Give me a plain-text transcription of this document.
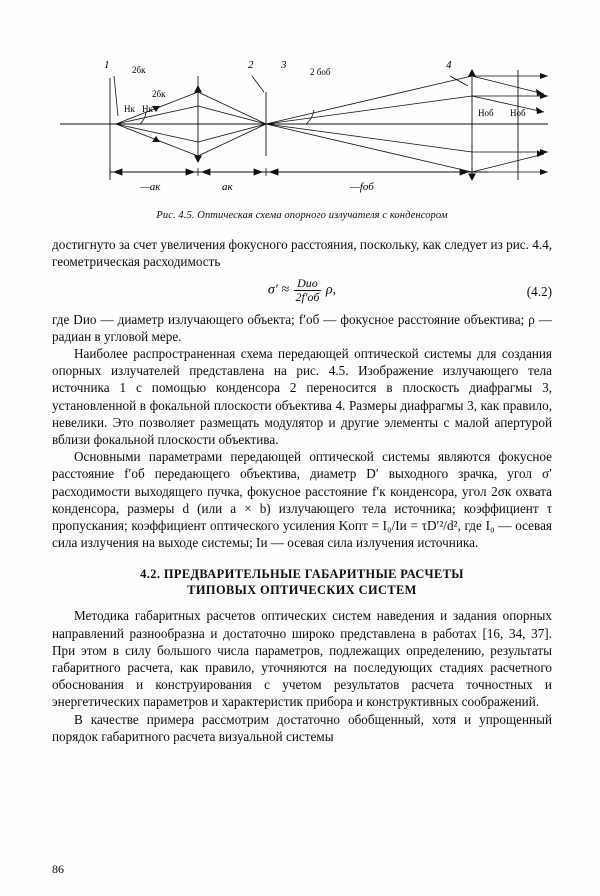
1	2	3	4
2бк
2бк
2 боб
Hк Hк	Hоб Hоб
—aк	aк	—fоб
Рис. 4.5. Оптическая схема опорного излучателя с конденсором

достигнуто за счет увеличения фокусного расстояния, поскольку, как следует из рис. 4.4, геометрическая расходимость

$\sigma' \approx \frac{\text{Dио}}{2f'об} \rho$,	(4.2)

где Dио — диаметр излучающего объекта; f′об — фокусное расстояние объектива; ρ — радиан в угловой мере.

Наиболее распространенная схема передающей оптической системы для создания опорных излучателей представлена на рис. 4.5. Изображение излучающего тела источника 1 с помощью конденсора 2 переносится в плоскость диафрагмы 3, установленной в фокальной плоскости объектива 4. Размеры диафрагмы 3, как правило, невелики. Это позволяет размещать модулятор и другие элементы с малой апертурой вблизи фокальной плоскости объектива.

Основными параметрами передающей оптической системы являются фокусное расстояние f′об передающего объектива, диаметр D′ выходного зрачка, угол σ′ расходимости выходящего пучка, фокусное расстояние f′к конденсора, угол 2σк охвата конденсора, размеры d (или a × b) излучающего тела источника; коэффициент τ пропускания; коэффициент оптического усиления Kопт = I₀/Iи = τD′²/d², где I₀ — осевая сила излучения на выходе системы; Iи — осевая сила излучения источника.

4.2. ПРЕДВАРИТЕЛЬНЫЕ ГАБАРИТНЫЕ РАСЧЕТЫ
ТИПОВЫХ ОПТИЧЕСКИХ СИСТЕМ

Методика габаритных расчетов оптических систем наведения и задания опорных направлений разнообразна и достаточно широко представлена в работах [16, 34, 37]. При этом в силу большого числа параметров, подлежащих определению, результаты габаритного расчета, как правило, уточняются на последующих стадиях расчетного обоснования и конструирования с учетом результатов расчета точностных и энергетических параметров и характеристик прибора и конструктивных соображений.

В качестве примера рассмотрим достаточно обобщенный, хотя и упрощенный порядок габаритного расчета визуальной системы

86
